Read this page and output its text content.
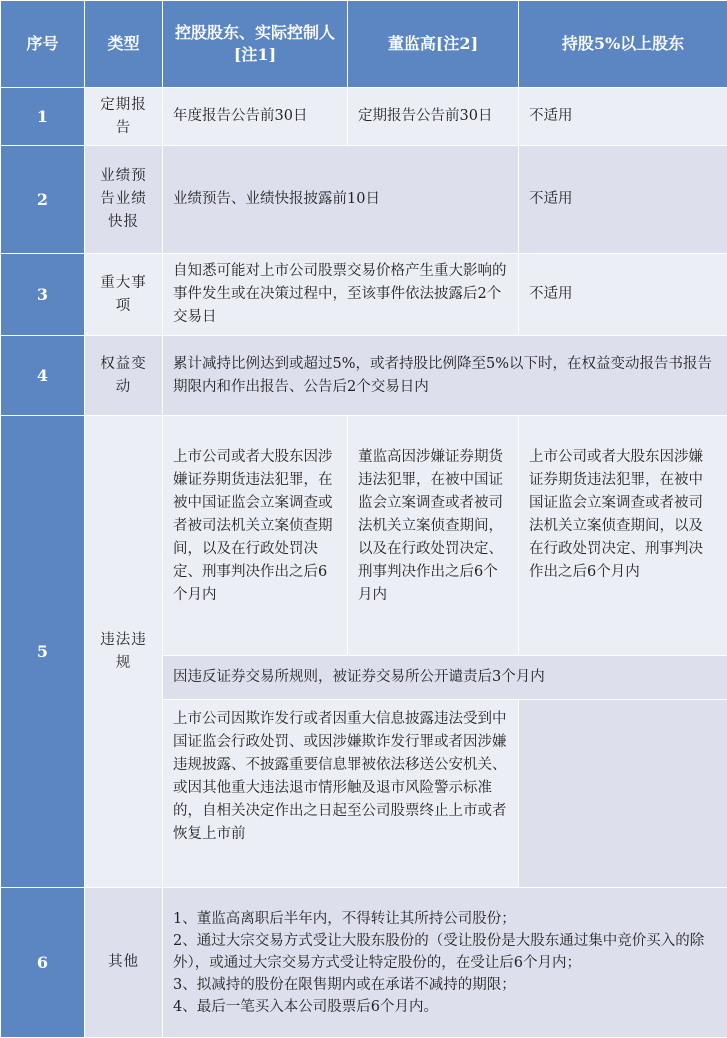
序号	类型	控股股东、实际控制人[注1]	董监高[注2]	持股5%以上股东
1	定期报告	年度报告公告前30日	定期报告公告前30日	不适用
2	业绩预告业绩快报	业绩预告、业绩快报披露前10日		不适用
3	重大事项	自知悉可能对上市公司股票交易价格产生重大影响的事件发生或在决策过程中，至该事件依法披露后2个交易日		不适用
4	权益变动	累计减持比例达到或超过5%，或者持股比例降至5%以下时，在权益变动报告书报告期限内和作出报告、公告后2个交易日内		
5	违法违规	上市公司或者大股东因涉嫌证券期货违法犯罪，在被中国证监会立案调查或者被司法机关立案侦查期间，以及在行政处罚决定、刑事判决作出之后6个月内	董监高因涉嫌证券期货违法犯罪，在被中国证监会立案调查或者被司法机关立案侦查期间，以及在行政处罚决定、刑事判决作出之后6个月内	上市公司或者大股东因涉嫌证券期货违法犯罪，在被中国证监会立案调查或者被司法机关立案侦查期间，以及在行政处罚决定、刑事判决作出之后6个月内
		因违反证券交易所规则，被证券交易所公开谴责后3个月内		
		上市公司因欺诈发行或者因重大信息披露违法受到中国证监会行政处罚、或因涉嫌欺诈发行罪或者因涉嫌违规披露、不披露重要信息罪被依法移送公安机关、或因其他重大违法退市情形触及退市风险警示标准的，自相关决定作出之日起至公司股票终止上市或者恢复上市前		
6	其他	1、董监高离职后半年内，不得转让其所持公司股份；
2、通过大宗交易方式受让大股东股份的（受让股份是大股东通过集中竞价买入的除外），或通过大宗交易方式受让特定股份的，在受让后6个月内；
3、拟减持的股份在限售期内或在承诺不减持的期限；
4、最后一笔买入本公司股票后6个月内。		
